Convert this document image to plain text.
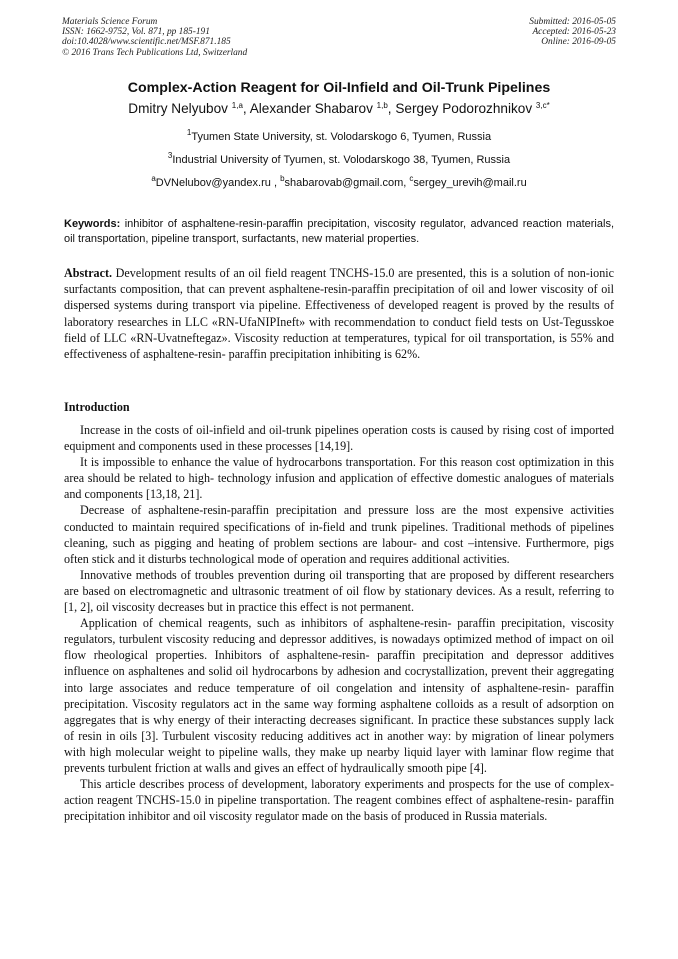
Materials Science Forum
ISSN: 1662-9752, Vol. 871, pp 185-191
doi:10.4028/www.scientific.net/MSF.871.185
© 2016 Trans Tech Publications Ltd, Switzerland
Submitted: 2016-05-05
Accepted: 2016-05-23
Online: 2016-09-05
Complex-Action Reagent for Oil-Infield and Oil-Trunk Pipelines
Dmitry Nelyubov $^{1,a}$, Alexander Shabarov $^{1,b}$, Sergey Podorozhnikov $^{3,c*}$
$^1$Tyumen State University, st. Volodarskogo 6, Tyumen, Russia
$^3$Industrial University of Tyumen, st. Volodarskogo 38, Tyumen, Russia
$^a$DVNelubov@yandex.ru , $^b$shabarovab@gmail.com, $^c$sergey_urevih@mail.ru
Keywords: inhibitor of asphaltene-resin-paraffin precipitation, viscosity regulator, advanced reaction materials, oil transportation, pipeline transport, surfactants, new material properties.
Abstract. Development results of an oil field reagent TNCHS-15.0 are presented, this is a solution of non-ionic surfactants composition, that can prevent asphaltene-resin-paraffin precipitation of oil and lower viscosity of oil dispersed systems during transport via pipeline. Effectiveness of developed reagent is proved by the results of laboratory researches in LLC «RN-UfaNIPIneft» with recommendation to conduct field tests on Ust-Tegusskoe field of LLC «RN-Uvatneftegaz». Viscosity reduction at temperatures, typical for oil transportation, is 55% and effectiveness of asphaltene-resin- paraffin precipitation inhibiting is 62%.
Introduction

Increase in the costs of oil-infield and oil-trunk pipelines operation costs is caused by rising cost of imported equipment and components used in these processes [14,19].

It is impossible to enhance the value of hydrocarbons transportation. For this reason cost optimization in this area should be related to high- technology infusion and application of effective domestic analogues of materials and components [13,18, 21].

Decrease of asphaltene-resin-paraffin precipitation and pressure loss are the most expensive activities conducted to maintain required specifications of in-field and trunk pipelines. Traditional methods of pipelines cleaning, such as pigging and heating of problem sections are labour- and cost –intensive. Furthermore, pigs often stick and it disturbs technological mode of operation and requires additional activities.

Innovative methods of troubles prevention during oil transporting that are proposed by different researchers are based on electromagnetic and ultrasonic treatment of oil flow by stationary devices. As a result, referring to [1, 2], oil viscosity decreases but in practice this effect is not permanent.

Application of chemical reagents, such as inhibitors of asphaltene-resin- paraffin precipitation, viscosity regulators, turbulent viscosity reducing and depressor additives, is nowadays optimized method of impact on oil flow rheological properties. Inhibitors of asphaltene-resin- paraffin precipitation and depressor additives influence on asphaltenes and solid oil hydrocarbons by adhesion and cocrystallization, prevent their aggregating into large associates and reduce temperature of oil congelation and intensity of asphaltene-resin- paraffin precipitation. Viscosity regulators act in the same way forming asphaltene colloids as a result of adsorption on aggregates that is why energy of their interacting decreases significant. In practice these substances supply lack of resin in oils [3]. Turbulent viscosity reducing additives act in another way: by migration of linear polymers with high molecular weight to pipeline walls, they make up nearby liquid layer with laminar flow regime that prevents turbulent friction at walls and gives an effect of hydraulically smooth pipe [4].

This article describes process of development, laboratory experiments and prospects for the use of complex-action reagent TNCHS-15.0 in pipeline transportation. The reagent combines effect of asphaltene-resin- paraffin precipitation inhibitor and oil viscosity regulator made on the basis of produced in Russia materials.
